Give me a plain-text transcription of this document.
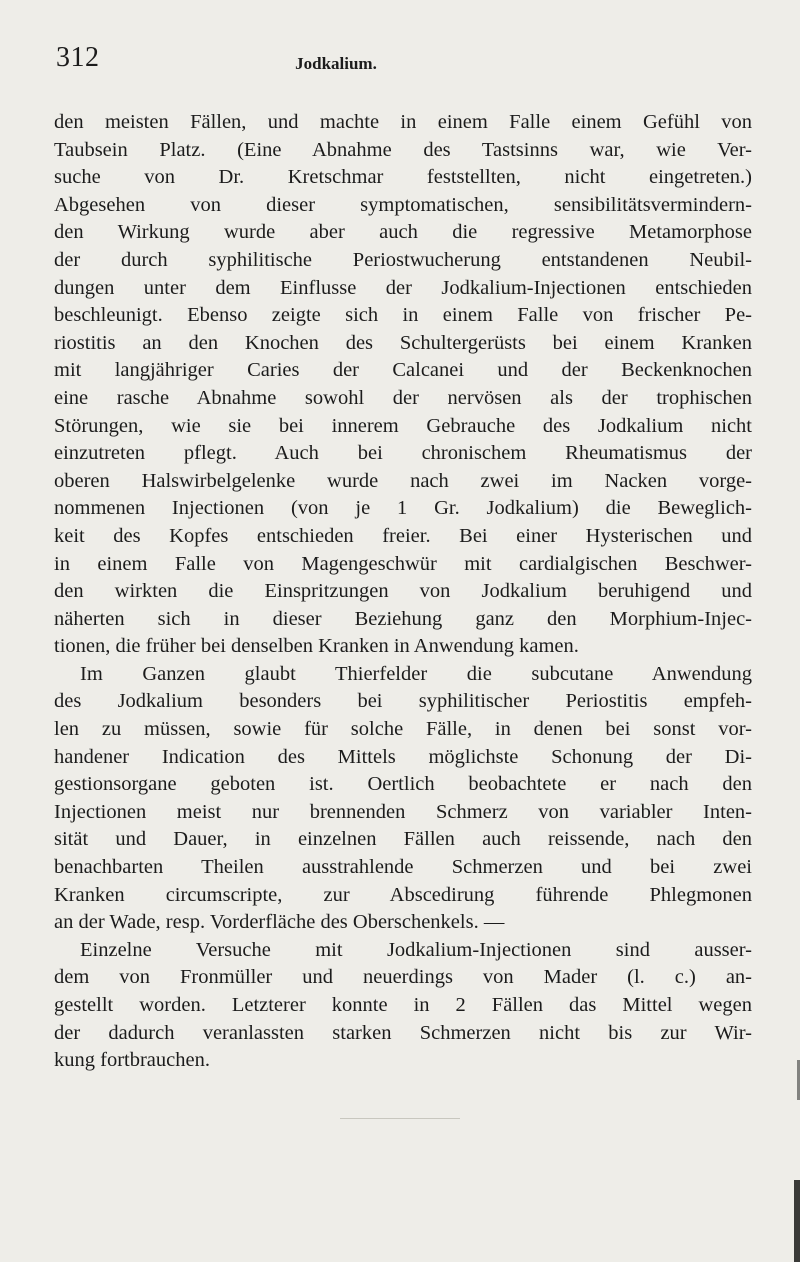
312	Jodkalium.
den meisten Fällen, und machte in einem Falle einem Gefühl von
Taubsein Platz. (Eine Abnahme des Tastsinns war, wie Ver-
suche von Dr. Kretschmar feststellten, nicht eingetreten.)
Abgesehen von dieser symptomatischen, sensibilitätsvermindern-
den Wirkung wurde aber auch die regressive Metamorphose
der durch syphilitische Periostwucherung entstandenen Neubil-
dungen unter dem Einflusse der Jodkalium-Injectionen entschieden
beschleunigt. Ebenso zeigte sich in einem Falle von frischer Pe-
riostitis an den Knochen des Schultergerüsts bei einem Kranken
mit langjähriger Caries der Calcanei und der Beckenknochen
eine rasche Abnahme sowohl der nervösen als der trophischen
Störungen, wie sie bei innerem Gebrauche des Jodkalium nicht
einzutreten pflegt. Auch bei chronischem Rheumatismus der
oberen Halswirbelgelenke wurde nach zwei im Nacken vorge-
nommenen Injectionen (von je 1 Gr. Jodkalium) die Beweglich-
keit des Kopfes entschieden freier. Bei einer Hysterischen und
in einem Falle von Magengeschwür mit cardialgischen Beschwer-
den wirkten die Einspritzungen von Jodkalium beruhigend und
näherten sich in dieser Beziehung ganz den Morphium-Injec-
tionen, die früher bei denselben Kranken in Anwendung kamen.
Im Ganzen glaubt Thierfelder die subcutane Anwendung
des Jodkalium besonders bei syphilitischer Periostitis empfeh-
len zu müssen, sowie für solche Fälle, in denen bei sonst vor-
handener Indication des Mittels möglichste Schonung der Di-
gestionsorgane geboten ist. Oertlich beobachtete er nach den
Injectionen meist nur brennenden Schmerz von variabler Inten-
sität und Dauer, in einzelnen Fällen auch reissende, nach den
benachbarten Theilen ausstrahlende Schmerzen und bei zwei
Kranken circumscripte, zur Abscedirung führende Phlegmonen
an der Wade, resp. Vorderfläche des Oberschenkels. —
Einzelne Versuche mit Jodkalium-Injectionen sind ausser-
dem von Fronmüller und neuerdings von Mader (l. c.) an-
gestellt worden. Letzterer konnte in 2 Fällen das Mittel wegen
der dadurch veranlassten starken Schmerzen nicht bis zur Wir-
kung fortbrauchen.
